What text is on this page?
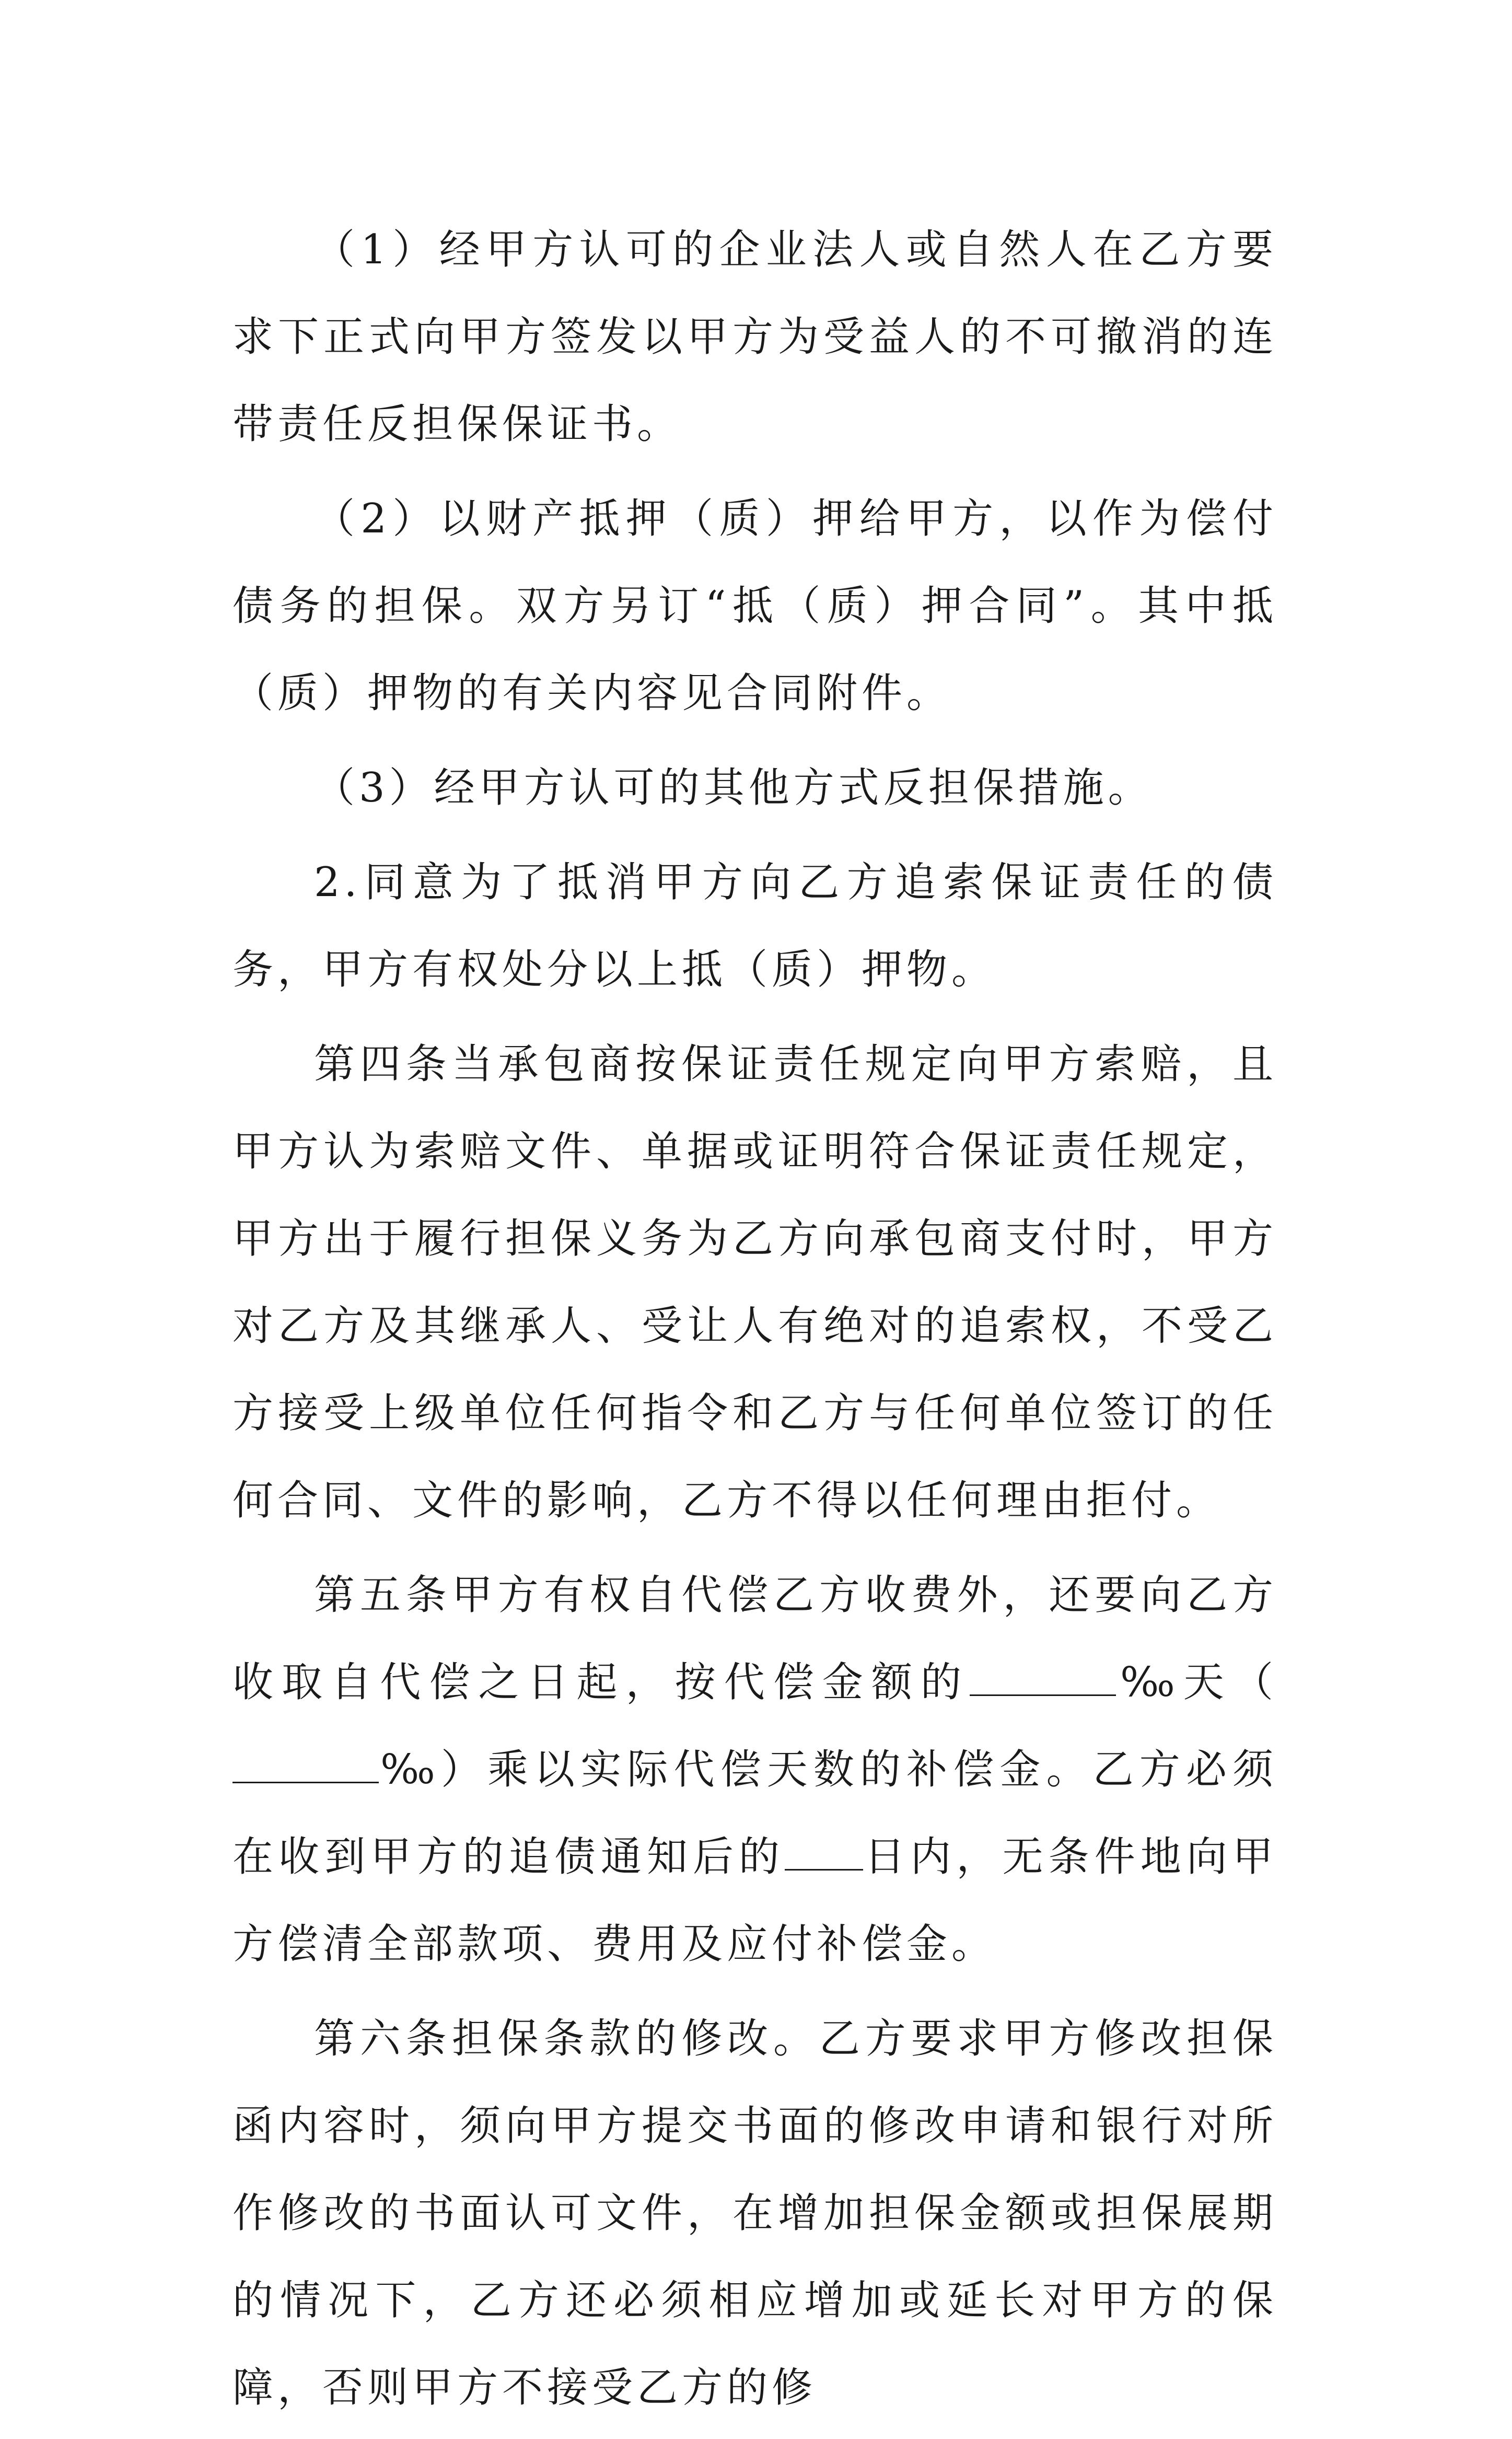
（1）经甲方认可的企业法人或自然人在乙方要求下正式向甲方签发以甲方为受益人的不可撤消的连带责任反担保保证书。

（2）以财产抵押（质）押给甲方，以作为偿付债务的担保。双方另订“抵（质）押合同”。其中抵（质）押物的有关内容见合同附件。

（3）经甲方认可的其他方式反担保措施。

2.同意为了抵消甲方向乙方追索保证责任的债务，甲方有权处分以上抵（质）押物。

第四条当承包商按保证责任规定向甲方索赔，且甲方认为索赔文件、单据或证明符合保证责任规定，甲方出于履行担保义务为乙方向承包商支付时，甲方对乙方及其继承人、受让人有绝对的追索权，不受乙方接受上级单位任何指令和乙方与任何单位签订的任何合同、文件的影响，乙方不得以任何理由拒付。

第五条甲方有权自代偿乙方收费外，还要向乙方收取自代偿之日起，按代偿金额的	‰天（‰）乘以实际代偿天数的补偿金。乙方必须在收到甲方的追债通知后的 日内，无条件地向甲方偿清全部款项、费用及应付补偿金。

第六条担保条款的修改。乙方要求甲方修改担保函内容时，须向甲方提交书面的修改申请和银行对所作修改的书面认可文件，在增加担保金额或担保展期的情况下，乙方还必须相应增加或延长对甲方的保障，否则甲方不接受乙方的修
